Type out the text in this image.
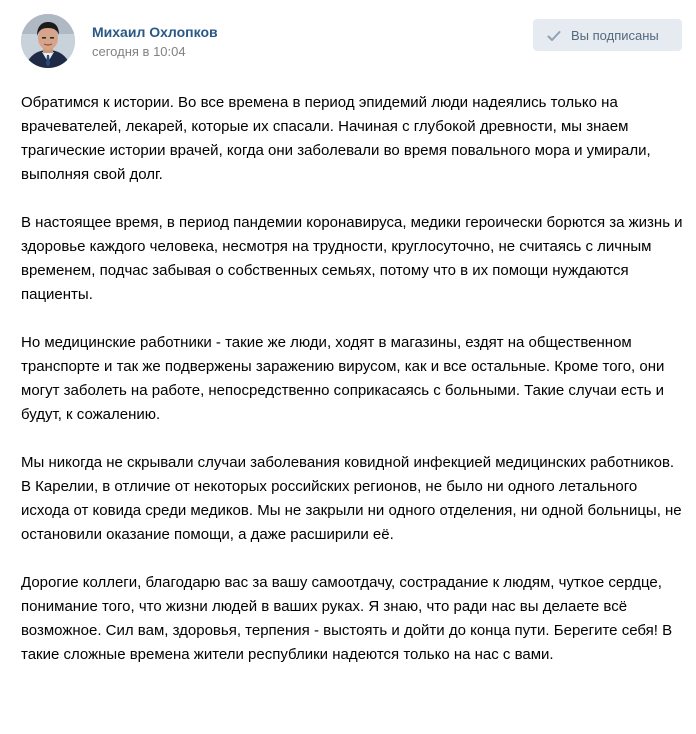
Михаил Охлопков
сегодня в 10:04
Вы подписаны

Обратимся к истории. Во все времена в период эпидемий люди надеялись только на врачевателей, лекарей, которые их спасали. Начиная с глубокой древности, мы знаем трагические истории врачей, когда они заболевали во время повального мора и умирали, выполняя свой долг.

В настоящее время, в период пандемии коронавируса, медики героически борются за жизнь и здоровье каждого человека, несмотря на трудности, круглосуточно, не считаясь с личным временем, подчас забывая о собственных семьях, потому что в их помощи нуждаются пациенты.

Но медицинские работники - такие же люди, ходят в магазины, ездят на общественном транспорте и так же подвержены заражению вирусом, как и все остальные. Кроме того, они могут заболеть на работе, непосредственно соприкасаясь с больными. Такие случаи есть и будут, к сожалению.

Мы никогда не скрывали случаи заболевания ковидной инфекцией медицинских работников. В Карелии, в отличие от некоторых российских регионов, не было ни одного летального исхода от ковида среди медиков. Мы не закрыли ни одного отделения, ни одной больницы, не остановили оказание помощи, а даже расширили её.

Дорогие коллеги, благодарю вас за вашу самоотдачу, сострадание к людям, чуткое сердце, понимание того, что жизни людей в ваших руках. Я знаю, что ради нас вы делаете всё возможное. Сил вам, здоровья, терпения - выстоять и дойти до конца пути. Берегите себя! В такие сложные времена жители республики надеются только на нас с вами.
